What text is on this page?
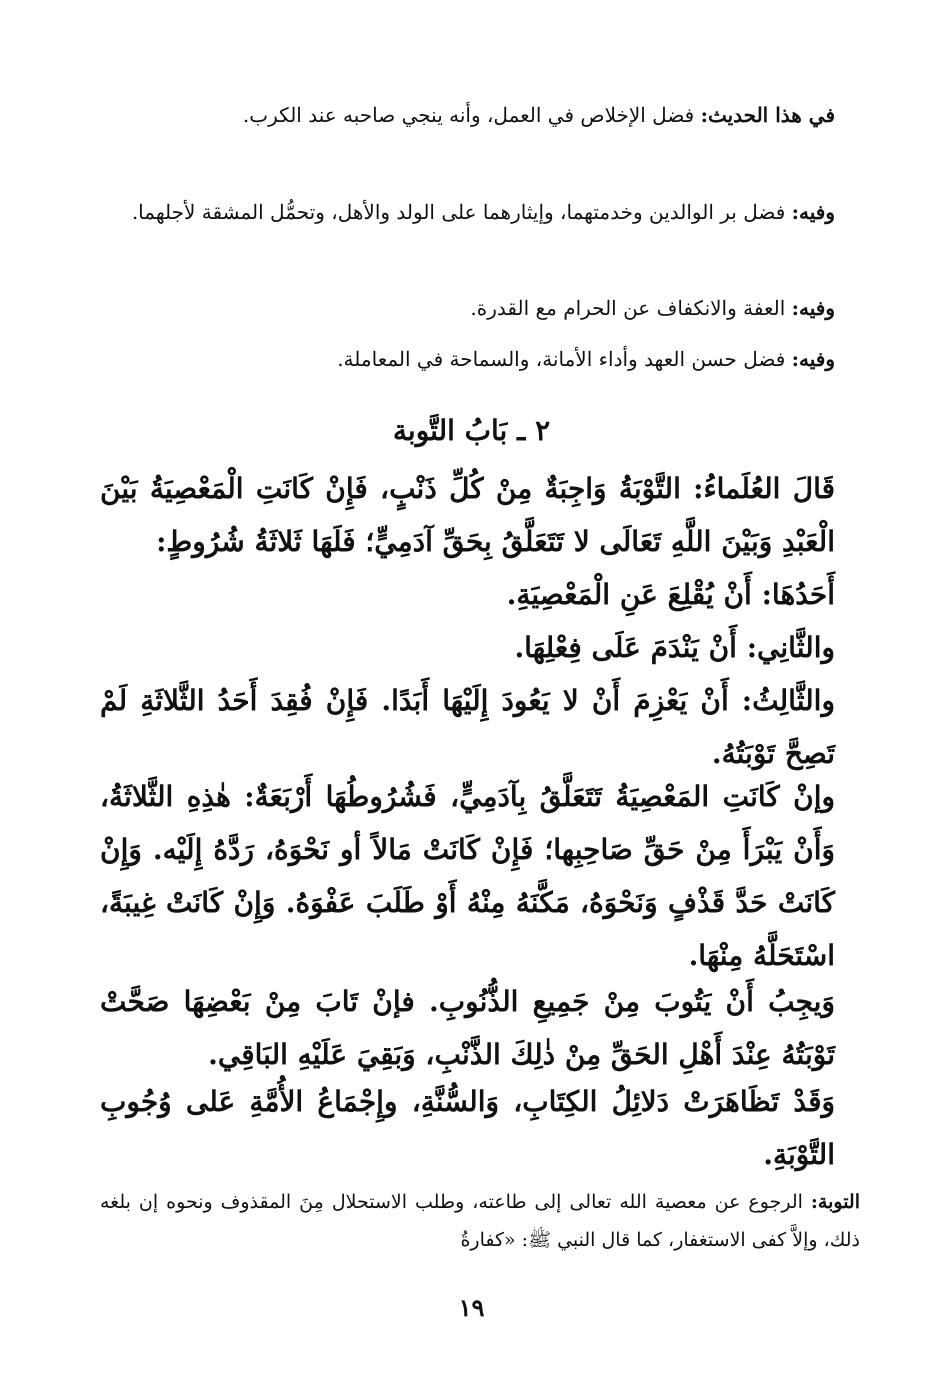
في هذا الحديث: فضل الإخلاص في العمل، وأنه ينجي صاحبه عند الكرب.

وفيه: فضل بر الوالدين وخدمتهما، وإيثارهما على الولد والأهل، وتحمُّل المشقة لأجلهما.

وفيه: العفة والانكفاف عن الحرام مع القدرة.

وفيه: فضل حسن العهد وأداء الأمانة، والسماحة في المعاملة.

٢ ـ بَابُ التَّوبة

قَالَ العُلَماءُ: التَّوْبَةُ وَاجِبَةٌ مِنْ كُلِّ ذَنْبٍ، فَإِنْ كَانَتِ الْمَعْصِيَةُ بَيْنَ الْعَبْدِ وَبَيْنَ اللَّهِ تَعَالَى لا تَتَعَلَّقُ بِحَقِّ آدَمِيٍّ؛ فَلَهَا ثَلاثَةُ شُرُوطٍ:

أَحَدُهَا: أَنْ يُقْلِعَ عَنِ الْمَعْصِيَةِ.

والثَّانِي: أَنْ يَنْدَمَ عَلَى فِعْلِهَا.

والثَّالِثُ: أَنْ يَعْزِمَ أَنْ لا يَعُودَ إِلَيْهَا أَبَدًا. فَإِنْ فُقِدَ أَحَدُ الثَّلاثَةِ لَمْ تَصِحَّ تَوْبَتُهُ.

وإنْ كَانَتِ المَعْصِيَةُ تَتَعَلَّقُ بِآدَمِيٍّ، فَشُرُوطُهَا أَرْبَعَةٌ: هٰذِهِ الثَّلاثَةُ، وَأَنْ يَبْرَأَ مِنْ حَقِّ صَاحِبِها؛ فَإِنْ كَانَتْ مَالاً أو نَحْوَهُ، رَدَّهُ إِلَيْه. وَإِنْ كَانَتْ حَدَّ قَذْفٍ وَنَحْوَهُ، مَكَّنَهُ مِنْهُ أَوْ طَلَبَ عَفْوَهُ. وَإِنْ كَانَتْ غِيبَةً، اسْتَحَلَّهُ مِنْهَا.

وَيجِبُ أَنْ يَتُوبَ مِنْ جَمِيعِ الذُّنُوبِ. فإنْ تَابَ مِنْ بَعْضِهَا صَحَّتْ تَوْبَتُهُ عِنْدَ أَهْلِ الحَقِّ مِنْ ذٰلِكَ الذَّنْبِ، وَبَقِيَ عَلَيْهِ البَاقِي.

وَقَدْ تَظَاهَرَتْ دَلائِلُ الكِتَابِ، وَالسُّنَّةِ، وإِجْمَاعُ الأُمَّةِ عَلى وُجُوبِ التَّوْبَةِ.

التوبة: الرجوع عن معصية الله تعالى إلى طاعته، وطلب الاستحلال مِنَ المقذوف ونحوه إن بلغه ذلك، وإلاَّ كفى الاستغفار، كما قال النبي ﷺ: «كفارةُ

١٩
